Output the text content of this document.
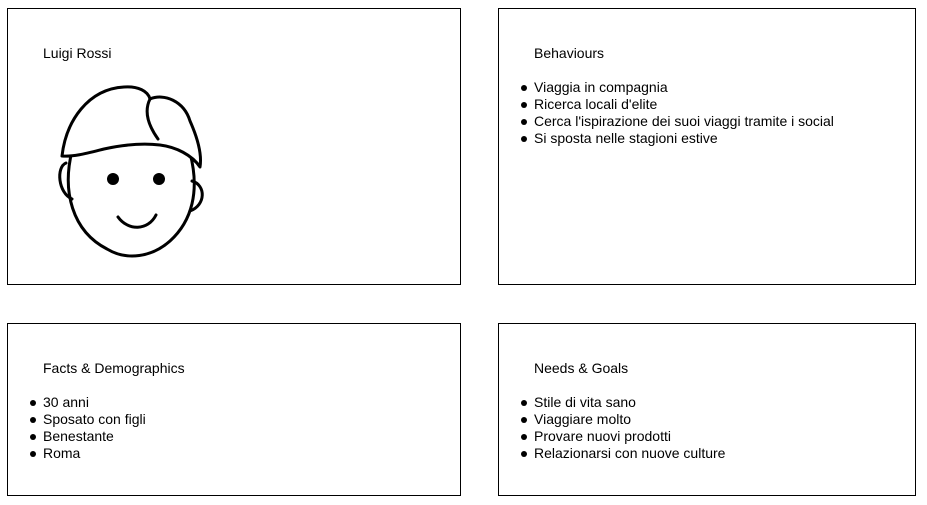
Luigi Rossi	Behaviours
Viaggia in compagnia
Ricerca locali d'elite
Cerca l'ispirazione dei suoi viaggi tramite i social
Si sposta nelle stagioni estive
Facts & Demographics
30 anni
Sposato con figli
Benestante
Roma
Needs & Goals
Stile di vita sano
Viaggiare molto
Provare nuovi prodotti
Relazionarsi con nuove culture
